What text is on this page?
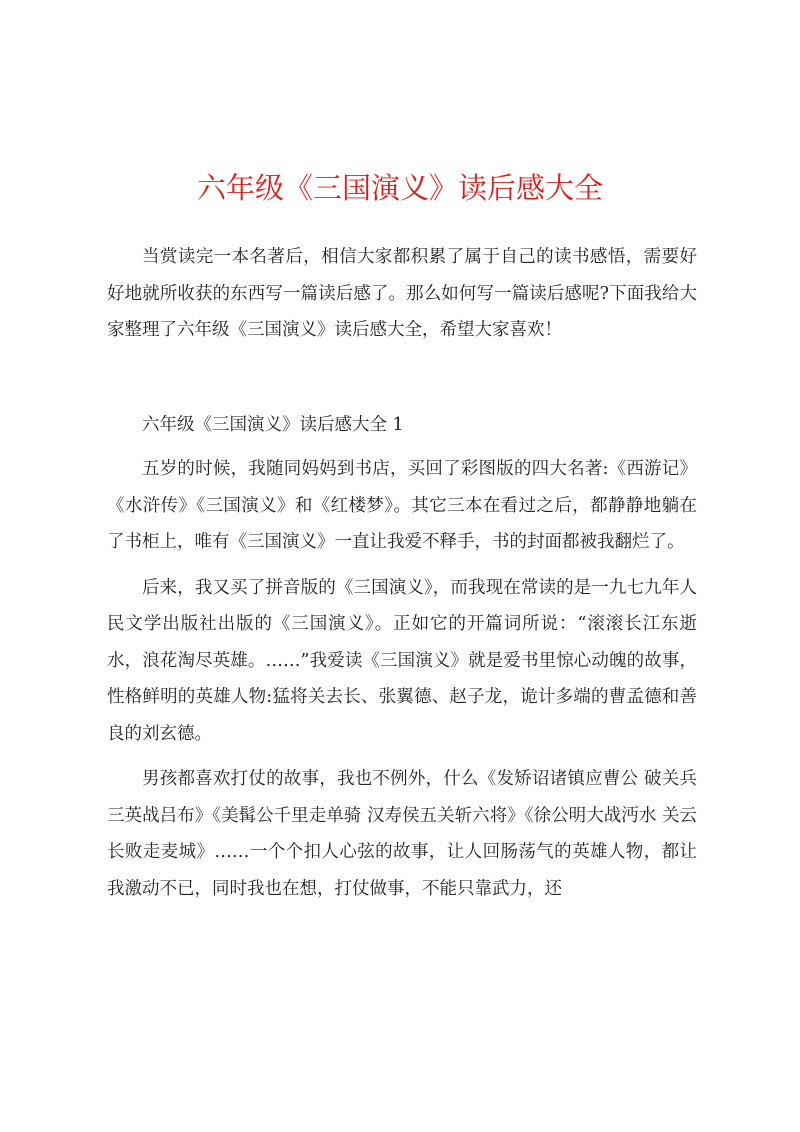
六年级《三国演义》读后感大全

当赏读完一本名著后，相信大家都积累了属于自己的读书感悟，需要好好地就所收获的东西写一篇读后感了。那么如何写一篇读后感呢?下面我给大家整理了六年级《三国演义》读后感大全，希望大家喜欢！

六年级《三国演义》读后感大全 1

五岁的时候，我随同妈妈到书店，买回了彩图版的四大名著:《西游记》《水浒传》《三国演义》和《红楼梦》。其它三本在看过之后，都静静地躺在了书柜上，唯有《三国演义》一直让我爱不释手，书的封面都被我翻烂了。

后来，我又买了拼音版的《三国演义》，而我现在常读的是一九七九年人民文学出版社出版的《三国演义》。正如它的开篇词所说：“滚滚长江东逝水，浪花淘尽英雄。……”我爱读《三国演义》就是爱书里惊心动魄的故事，性格鲜明的英雄人物:猛将关去长、张翼德、赵子龙，诡计多端的曹孟德和善良的刘玄德。

男孩都喜欢打仗的故事，我也不例外，什么《发矫诏诸镇应曹公 破关兵三英战吕布》《美髯公千里走单骑 汉寿侯五关斩六将》《徐公明大战沔水 关云长败走麦城》……一个个扣人心弦的故事，让人回肠荡气的英雄人物，都让我激动不已，同时我也在想，打仗做事，不能只靠武力，还
